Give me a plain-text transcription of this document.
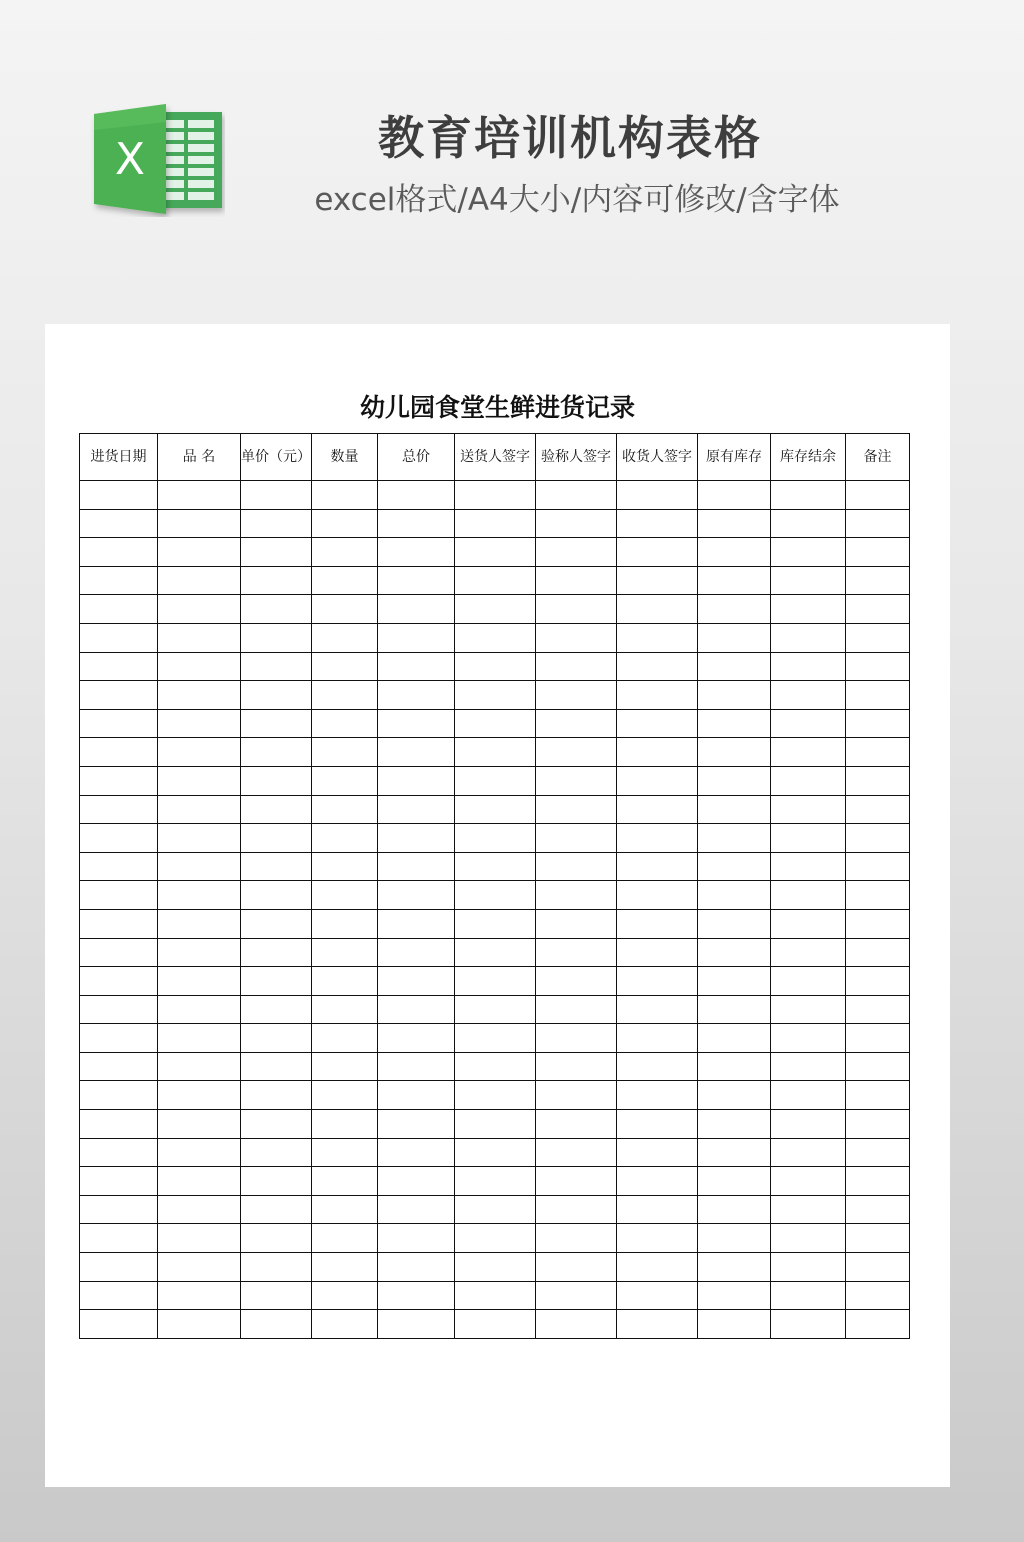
X	教育培训机构表格
excel格式/A4大小/内容可修改/含字体
幼儿园食堂生鲜进货记录
进货日期	品 名	单价（元）	数量	总价	送货人签字	验称人签字	收货人签字	原有库存	库存结余	备注
